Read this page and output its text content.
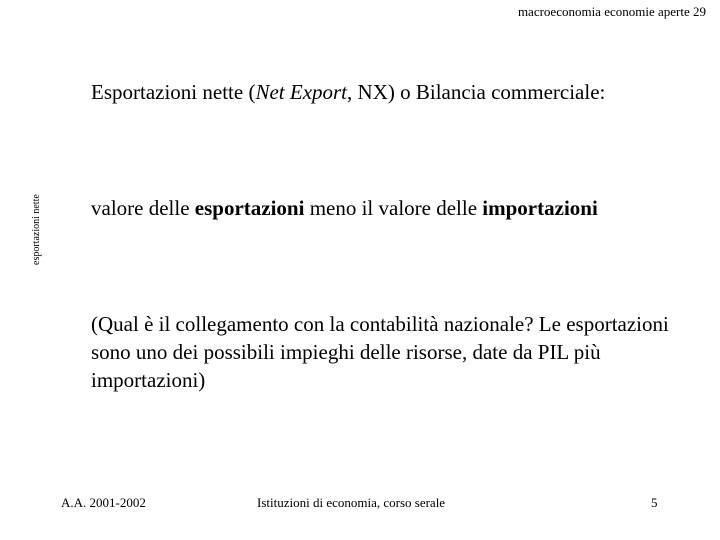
macroeconomia economie aperte 29
esportazioni nette
Esportazioni nette (Net Export, NX) o Bilancia commerciale:
valore delle esportazioni meno il valore delle importazioni
(Qual è il collegamento con la contabilità nazionale? Le esportazioni sono uno dei possibili impieghi delle risorse, date da PIL più importazioni)
A.A. 2001-2002	Istituzioni di economia, corso serale	5
